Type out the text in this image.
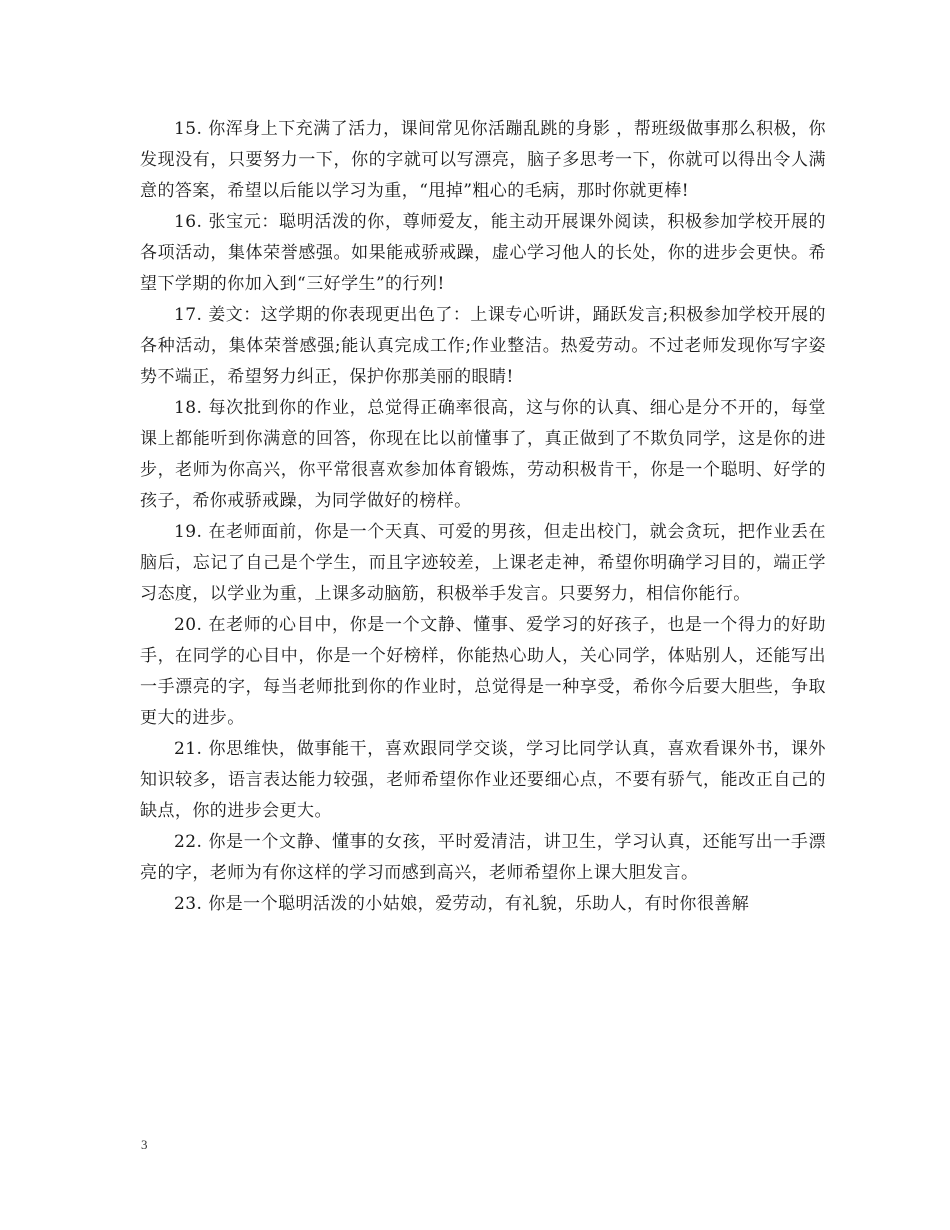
15. 你浑身上下充满了活力，课间常见你活蹦乱跳的身影 ，帮班级做事那么积极，你发现没有，只要努力一下，你的字就可以写漂亮，脑子多思考一下，你就可以得出令人满意的答案，希望以后能以学习为重，“甩掉”粗心的毛病，那时你就更棒!

16. 张宝元：聪明活泼的你，尊师爱友，能主动开展课外阅读，积极参加学校开展的各项活动，集体荣誉感强。如果能戒骄戒躁，虚心学习他人的长处，你的进步会更快。希望下学期的你加入到“三好学生”的行列!

17. 姜文：这学期的你表现更出色了：上课专心听讲，踊跃发言;积极参加学校开展的各种活动，集体荣誉感强;能认真完成工作;作业整洁。热爱劳动。不过老师发现你写字姿势不端正，希望努力纠正，保护你那美丽的眼睛!

18. 每次批到你的作业，总觉得正确率很高，这与你的认真、细心是分不开的，每堂课上都能听到你满意的回答，你现在比以前懂事了，真正做到了不欺负同学，这是你的进步，老师为你高兴，你平常很喜欢参加体育锻炼，劳动积极肯干，你是一个聪明、好学的孩子，希你戒骄戒躁，为同学做好的榜样。

19. 在老师面前，你是一个天真、可爱的男孩，但走出校门，就会贪玩，把作业丢在脑后，忘记了自己是个学生，而且字迹较差，上课老走神，希望你明确学习目的，端正学习态度，以学业为重，上课多动脑筋，积极举手发言。只要努力，相信你能行。

20. 在老师的心目中，你是一个文静、懂事、爱学习的好孩子，也是一个得力的好助手，在同学的心目中，你是一个好榜样，你能热心助人，关心同学，体贴别人，还能写出一手漂亮的字，每当老师批到你的作业时，总觉得是一种享受，希你今后要大胆些，争取更大的进步。

21. 你思维快，做事能干，喜欢跟同学交谈，学习比同学认真，喜欢看课外书，课外知识较多，语言表达能力较强，老师希望你作业还要细心点，不要有骄气，能改正自己的缺点，你的进步会更大。

22. 你是一个文静、懂事的女孩，平时爱清洁，讲卫生，学习认真，还能写出一手漂亮的字，老师为有你这样的学习而感到高兴，老师希望你上课大胆发言。

23. 你是一个聪明活泼的小姑娘，爱劳动，有礼貌，乐助人，有时你很善解

3
